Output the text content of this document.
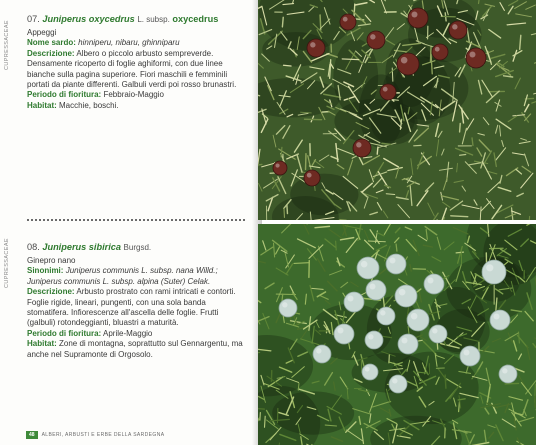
CUPRESSACEAE
CUPRESSACEAE
07. Juniperus oxycedrus L. subsp. oxycedrus

Appeggi

Nome sardo: hinniperu, nibaru, ghinniparu

Descrizione: Albero o piccolo arbusto sempreverde. Densamente ricoperto di foglie aghiformi, con due linee bianche sulla pagina superiore. Fiori maschili e femminili portati da piante differenti. Galbuli verdi poi rosso brunastri.

Periodo di fioritura: Febbraio-Maggio

Habitat: Macchie, boschi.

08. Juniperus sibirica Burgsd.

Ginepro nano

Sinonimi: Juniperus communis L. subsp. nana Willd.; Juniperus communis L. subsp. alpina (Suter) Celak.

Descrizione: Arbusto prostrato con rami intricati e contorti. Foglie rigide, lineari, pungenti, con una sola banda stomatifera. Infiorescenze all'ascella delle foglie. Frutti (galbuli) rotondeggianti, bluastri a maturità.

Periodo di fioritura: Aprile-Maggio

Habitat: Zone di montagna, soprattutto sul Gennargentu, ma anche nel Supramonte di Orgosolo.

48	ALBERI, ARBUSTI E ERBE DELLA SARDEGNA
